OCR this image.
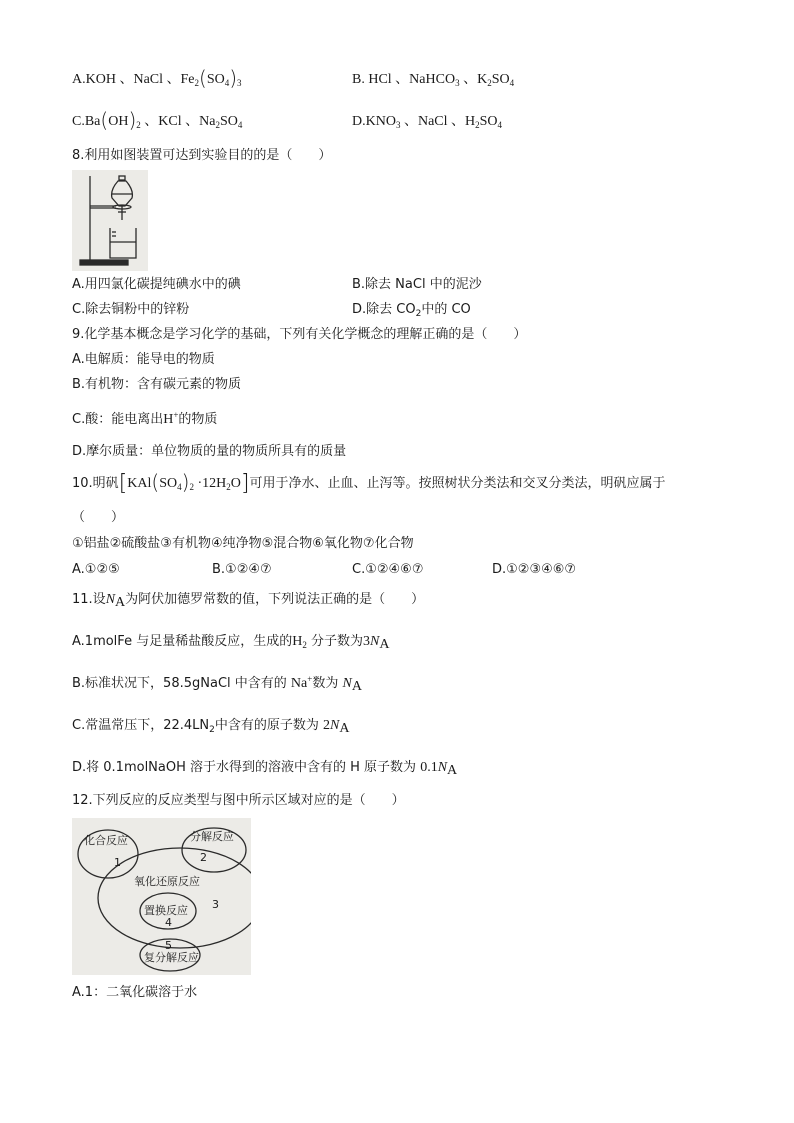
A.KOH 、NaCl 、$Fe_2(SO_4)_3$	B. HCl 、NaHCO$_3$ 、$K_2SO_4$
$C.Ba(OH)_2$ 、KCl 、$Na_2SO_4$	$D.KNO_3$ 、NaCl 、$H_2SO_4$
8.利用如图装置可达到实验目的的是（　　）
A.用四氯化碳提纯碘水中的碘	B.除去 NaCl 中的泥沙
C.除去铜粉中的锌粉	D.除去 $CO_2$中的 CO
9.化学基本概念是学习化学的基础，下列有关化学概念的理解正确的是（　　）
A.电解质：能导电的物质
B.有机物：含有碳元素的物质
C.酸：能电离出H+的物质
D.摩尔质量：单位物质的量的物质所具有的质量
10.明矾$[KAl(SO_4)_2 \cdot 12H_2O]$可用于净水、止血、止泻等。按照树状分类法和交叉分类法，明矾应属于
（　　）
①铝盐②硫酸盐③有机物④纯净物⑤混合物⑥氧化物⑦化合物
A.①②⑤	B.①②④⑦	C.①②④⑥⑦	D.①②③④⑥⑦
11.设$N_A$为阿伏加德罗常数的值，下列说法正确的是（　　）
A.1molFe 与足量稀盐酸反应，生成的$H_2$ 分子数为$3N_A$
B.标准状况下，58.5gNaCl 中含有的 Na+数为 $N_A$
C.常温常压下，$22.4LN_2$中含有的原子数为 $2N_A$
D.将 0.1molNaOH 溶于水得到的溶液中含有的 H 原子数为 $0.1N_A$
12.下列反应的反应类型与图中所示区域对应的是（　　）
化合反应	分解反应
氧化还原反应
置换反应
复分解反应
1	2
3
4
5
A.1：二氧化碳溶于水
